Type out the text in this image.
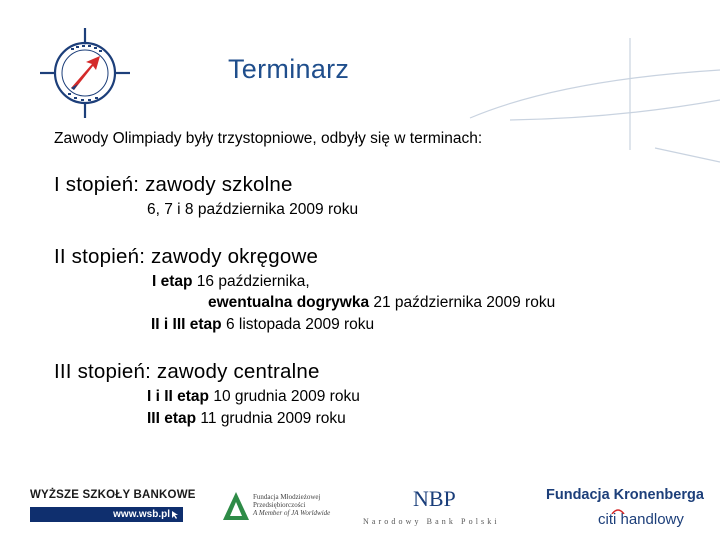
Terminarz
Zawody Olimpiady były trzystopniowe, odbyły się w terminach:
I stopień: zawody szkolne
6, 7 i 8 października 2009 roku
II stopień: zawody okręgowe
I etap 16 października,
ewentualna dogrywka 21 października 2009 roku
II i III etap 6 listopada 2009 roku
III stopień: zawody centralne
I i II etap 10 grudnia 2009 roku
III etap 11 grudnia 2009 roku
WYŻSZE SZKOŁY BANKOWE
www.wsb.pl
Fundacja Młodzieżowej Przedsiębiorczości
A Member of JA Worldwide
NBP
Narodowy Bank Polski
Fundacja Kronenberga
citi handlowy
